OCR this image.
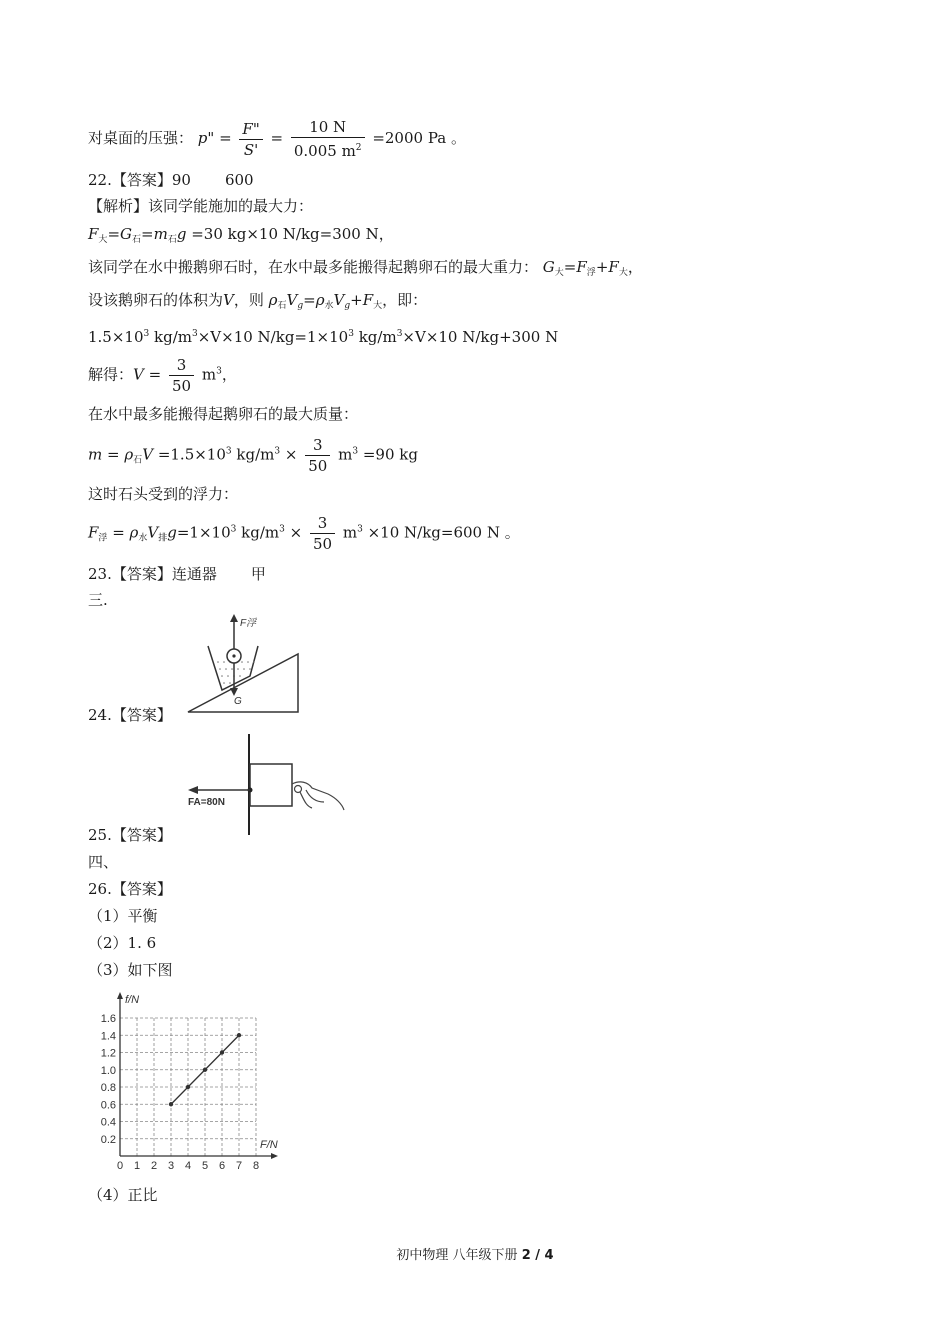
对桌面的压强： p" = $\frac{F"}{S'} = \frac{10 N}{0.005 m^2} =2000$ Pa 。
22.【答案】90 600
【解析】该同学能施加的最大力：
$F_大=G_石=m_石g =30$ kg×10 N/kg=300 N，
该同学在水中搬鹅卵石时，在水中最多能搬得起鹅卵石的最大重力： $G_大=F_浮+F_大$，
设该鹅卵石的体积为V，则 $\rho_石V_g=\rho_水V_g+F_大$，即：
$1.5\times 10^3$ $kg/m^3\times V\times 10$ $N/kg=1\times 10^3$ $kg/m^3\times V\times 10$ N/kg+300 N
解得：$V = \frac{3}{50} m^3$，
在水中最多能搬得起鹅卵石的最大质量：
$m = \rho_石V =1.5\times 10^3$ $kg/m^3 \times \frac{3}{50} m^3 =90$ kg
这时石头受到的浮力：
$F_浮 = \rho_水V_排g=1\times 10^3$ $kg/m^3 \times \frac{3}{50} m^3 \times 10$ N/kg=600 N 。
23.【答案】连通器 甲
三.
F浮
G
24.【答案】
FA=80N
25.【答案】
四、
26.【答案】
（1）平衡
（2）1. 6
（3）如下图
0 1 2 3 4 5 6 7 8
0.2
0.4
0.6
0.8
1.0
1.2
1.4
1.6
F/N
f/N
（4）正比
初中物理 八年级下册 2 / 4
